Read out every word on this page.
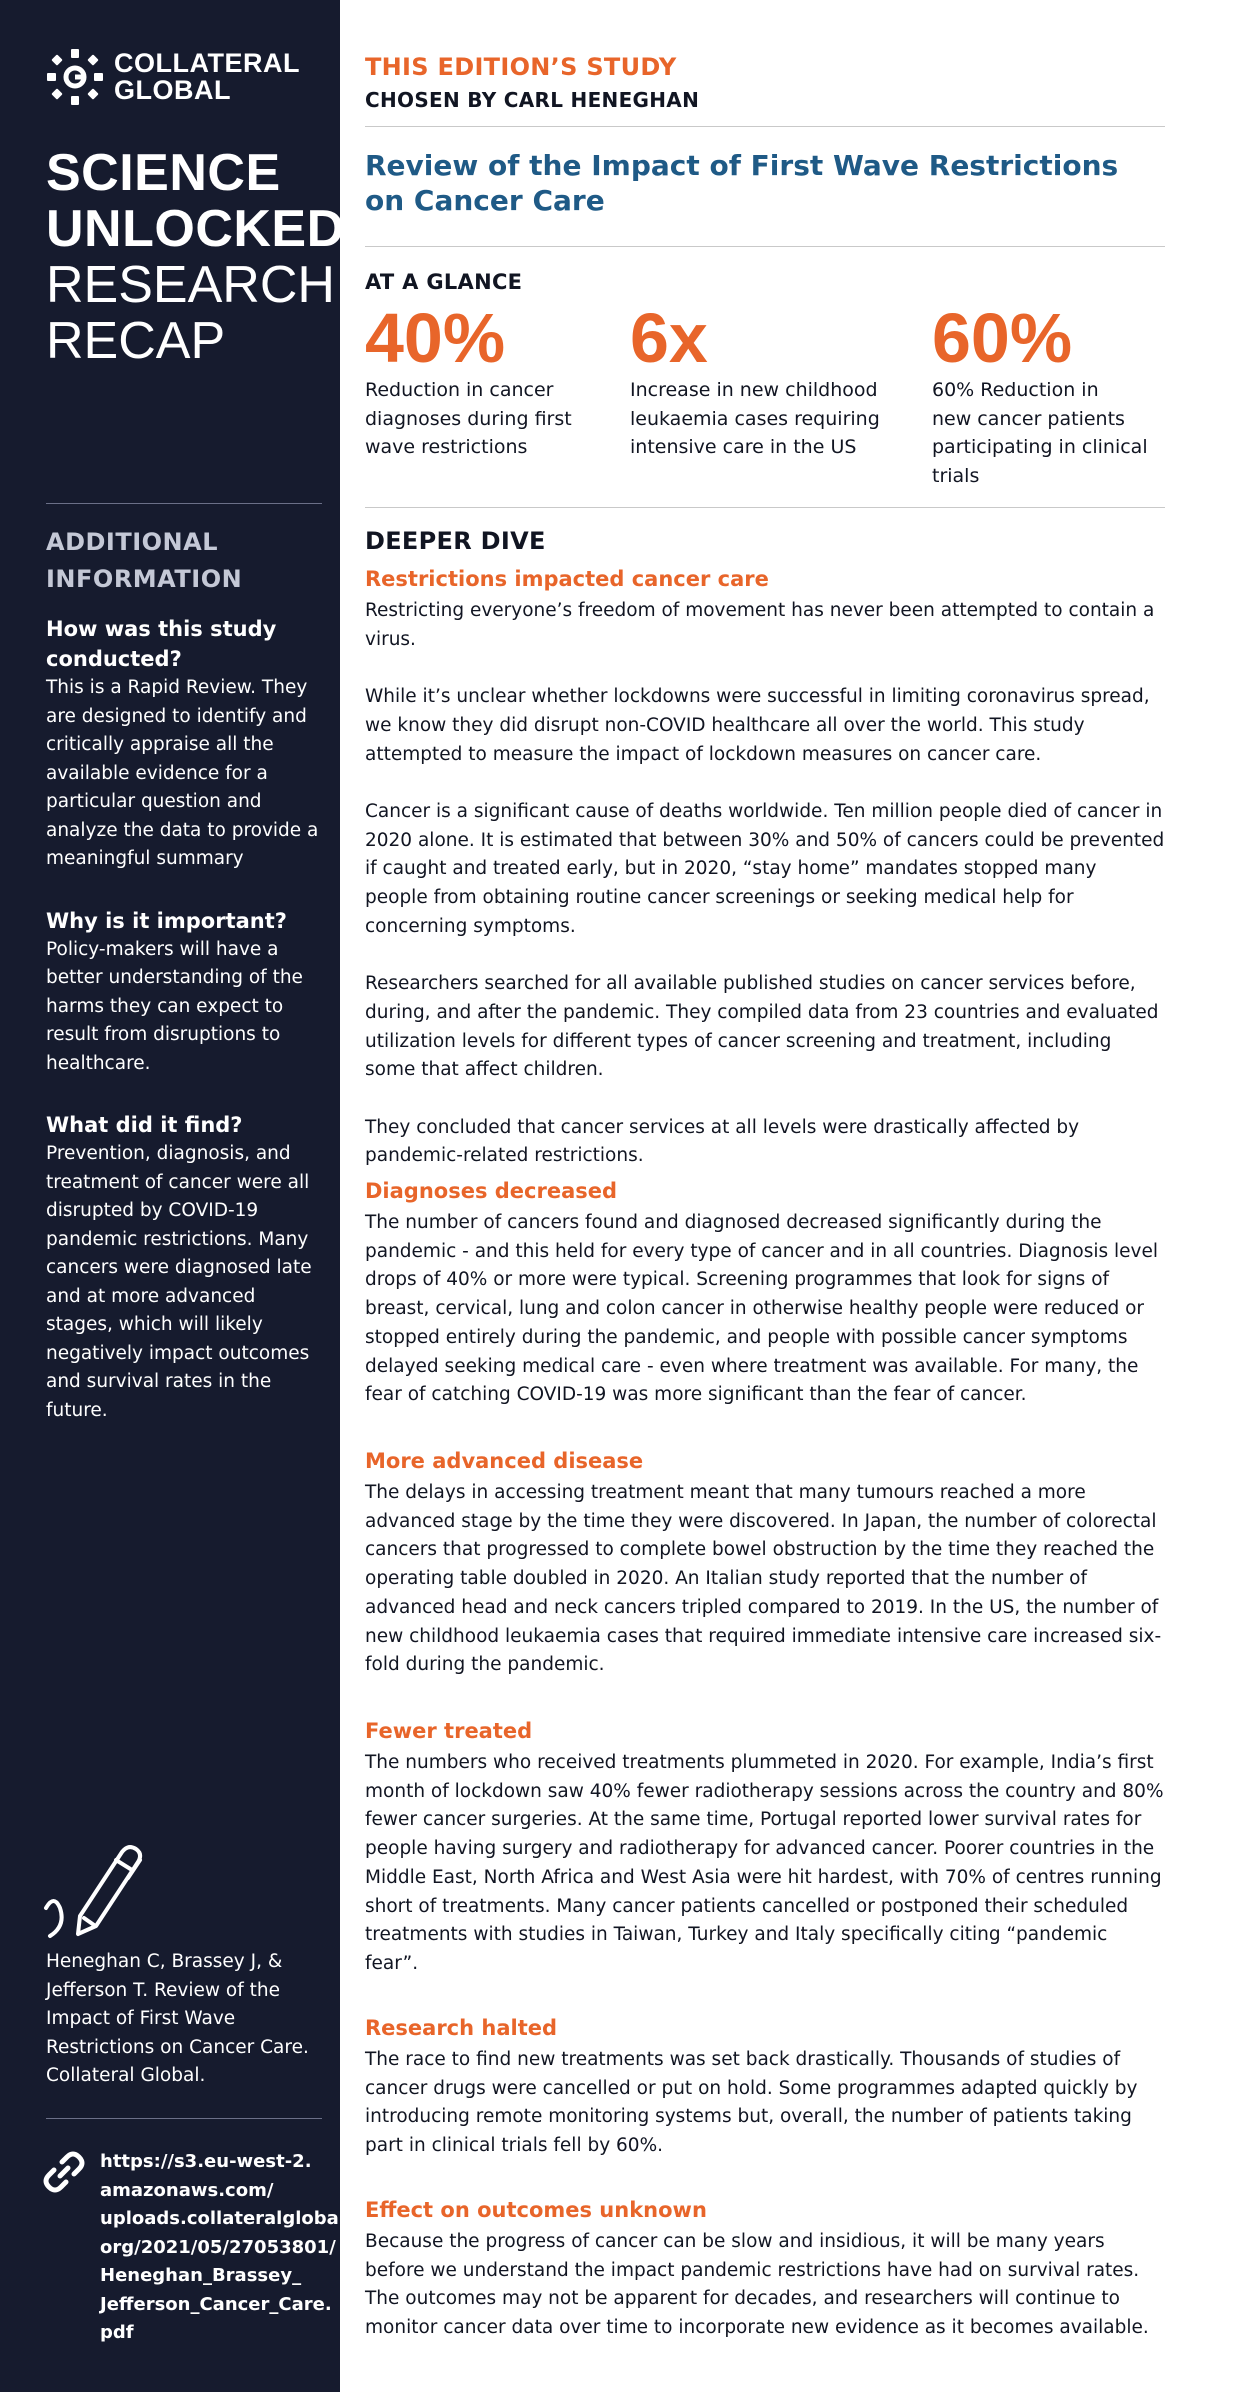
COLLATERAL
GLOBAL
SCIENCE
UNLOCKED
RESEARCH
RECAP
ADDITIONAL INFORMATION
How was this study conducted?

This is a Rapid Review. They are designed to identify and critically appraise all the available evidence for a particular question and analyze the data to provide a meaningful summary

Why is it important?

Policy-makers will have a better understanding of the harms they can expect to result from disruptions to healthcare.

What did it find?

Prevention, diagnosis, and treatment of cancer were all disrupted by COVID-19 pandemic restrictions. Many cancers were diagnosed late and at more advanced stages, which will likely negatively impact outcomes and survival rates in the future.

Heneghan C, Brassey J, & Jefferson T. Review of the Impact of First Wave Restrictions on Cancer Care. Collateral Global.
https://s3.eu-west-2.
amazonaws.com/
uploads.collateralglobal.
org/2021/05/27053801/
Heneghan_Brassey_
Jefferson_Cancer_Care.
pdf
THIS EDITION’S STUDY
CHOSEN BY CARL HENEGHAN
Review of the Impact of First Wave Restrictions
on Cancer Care
AT A GLANCE
40%
Reduction in cancer
diagnoses during first
wave restrictions
6x
Increase in new childhood
leukaemia cases requiring
intensive care in the US
60%
60% Reduction in
new cancer patients
participating in clinical
trials
DEEPER DIVE
Restrictions impacted cancer care

Restricting everyone’s freedom of movement has never been attempted to contain a virus.

While it’s unclear whether lockdowns were successful in limiting coronavirus spread, we know they did disrupt non-COVID healthcare all over the world. This study attempted to measure the impact of lockdown measures on cancer care.

Cancer is a significant cause of deaths worldwide. Ten million people died of cancer in 2020 alone. It is estimated that between 30% and 50% of cancers could be prevented if caught and treated early, but in 2020, “stay home” mandates stopped many people from obtaining routine cancer screenings or seeking medical help for concerning symptoms.

Researchers searched for all available published studies on cancer services before, during, and after the pandemic. They compiled data from 23 countries and evaluated utilization levels for different types of cancer screening and treatment, including some that affect children.

They concluded that cancer services at all levels were drastically affected by pandemic-related restrictions.

Diagnoses decreased

The number of cancers found and diagnosed decreased significantly during the pandemic - and this held for every type of cancer and in all countries. Diagnosis level drops of 40% or more were typical. Screening programmes that look for signs of breast, cervical, lung and colon cancer in otherwise healthy people were reduced or stopped entirely during the pandemic, and people with possible cancer symptoms delayed seeking medical care - even where treatment was available. For many, the fear of catching COVID-19 was more significant than the fear of cancer.

More advanced disease

The delays in accessing treatment meant that many tumours reached a more advanced stage by the time they were discovered. In Japan, the number of colorectal cancers that progressed to complete bowel obstruction by the time they reached the operating table doubled in 2020. An Italian study reported that the number of advanced head and neck cancers tripled compared to 2019. In the US, the number of new childhood leukaemia cases that required immediate intensive care increased six-fold during the pandemic.

Fewer treated

The numbers who received treatments plummeted in 2020. For example, India’s first month of lockdown saw 40% fewer radiotherapy sessions across the country and 80% fewer cancer surgeries. At the same time, Portugal reported lower survival rates for people having surgery and radiotherapy for advanced cancer. Poorer countries in the Middle East, North Africa and West Asia were hit hardest, with 70% of centres running short of treatments. Many cancer patients cancelled or postponed their scheduled treatments with studies in Taiwan, Turkey and Italy specifically citing “pandemic fear”.

Research halted

The race to find new treatments was set back drastically. Thousands of studies of cancer drugs were cancelled or put on hold. Some programmes adapted quickly by introducing remote monitoring systems but, overall, the number of patients taking part in clinical trials fell by 60%.

Effect on outcomes unknown

Because the progress of cancer can be slow and insidious, it will be many years before we understand the impact pandemic restrictions have had on survival rates. The outcomes may not be apparent for decades, and researchers will continue to monitor cancer data over time to incorporate new evidence as it becomes available.
